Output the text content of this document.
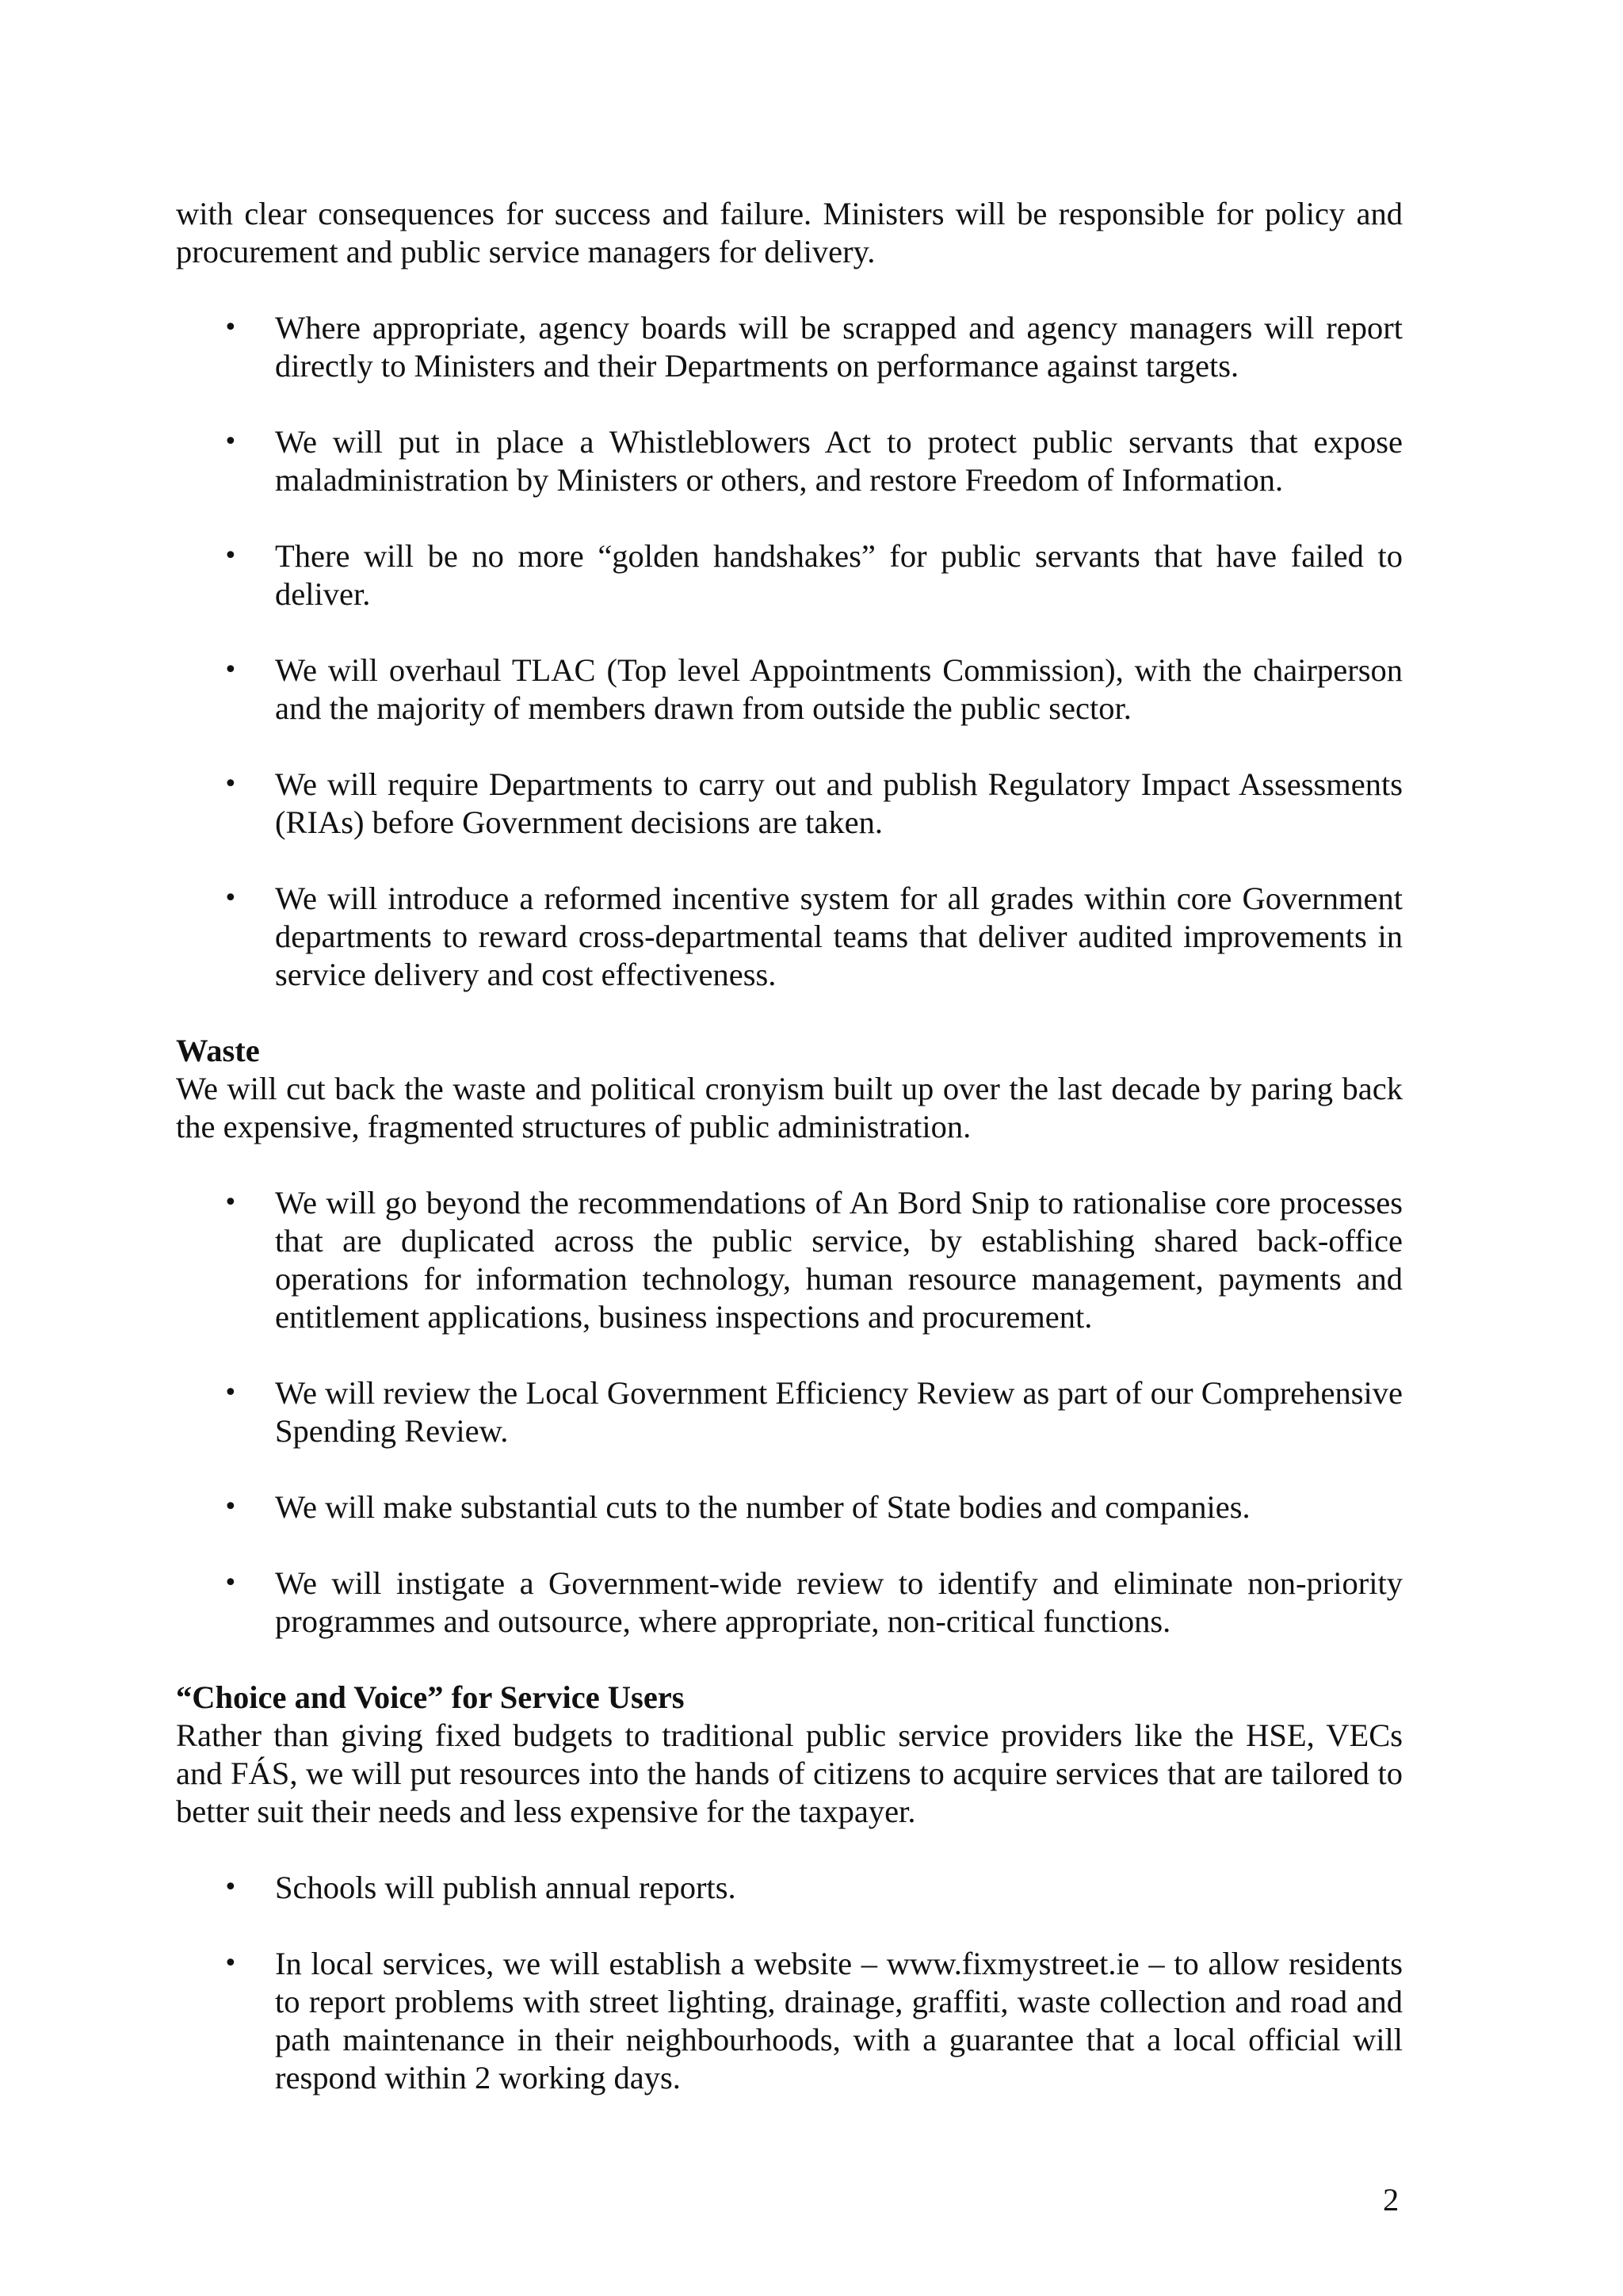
with clear consequences for success and failure. Ministers will be responsible for policy and procurement and public service managers for delivery.

• Where appropriate, agency boards will be scrapped and agency managers will report directly to Ministers and their Departments on performance against targets.
• We will put in place a Whistleblowers Act to protect public servants that expose maladministration by Ministers or others, and restore Freedom of Information.
• There will be no more “golden handshakes” for public servants that have failed to deliver.
• We will overhaul TLAC (Top level Appointments Commission), with the chairperson and the majority of members drawn from outside the public sector.
• We will require Departments to carry out and publish Regulatory Impact Assessments (RIAs) before Government decisions are taken.
• We will introduce a reformed incentive system for all grades within core Government departments to reward cross-departmental teams that deliver audited improvements in service delivery and cost effectiveness.

Waste

We will cut back the waste and political cronyism built up over the last decade by paring back the expensive, fragmented structures of public administration.

• We will go beyond the recommendations of An Bord Snip to rationalise core processes that are duplicated across the public service, by establishing shared back-office operations for information technology, human resource management, payments and entitlement applications, business inspections and procurement.
• We will review the Local Government Efficiency Review as part of our Comprehensive Spending Review.
• We will make substantial cuts to the number of State bodies and companies.
• We will instigate a Government-wide review to identify and eliminate non-priority programmes and outsource, where appropriate, non-critical functions.

“Choice and Voice” for Service Users

Rather than giving fixed budgets to traditional public service providers like the HSE, VECs and FÁS, we will put resources into the hands of citizens to acquire services that are tailored to better suit their needs and less expensive for the taxpayer.

• Schools will publish annual reports.
• In local services, we will establish a website – www.fixmystreet.ie – to allow residents to report problems with street lighting, drainage, graffiti, waste collection and road and path maintenance in their neighbourhoods, with a guarantee that a local official will respond within 2 working days.
2
